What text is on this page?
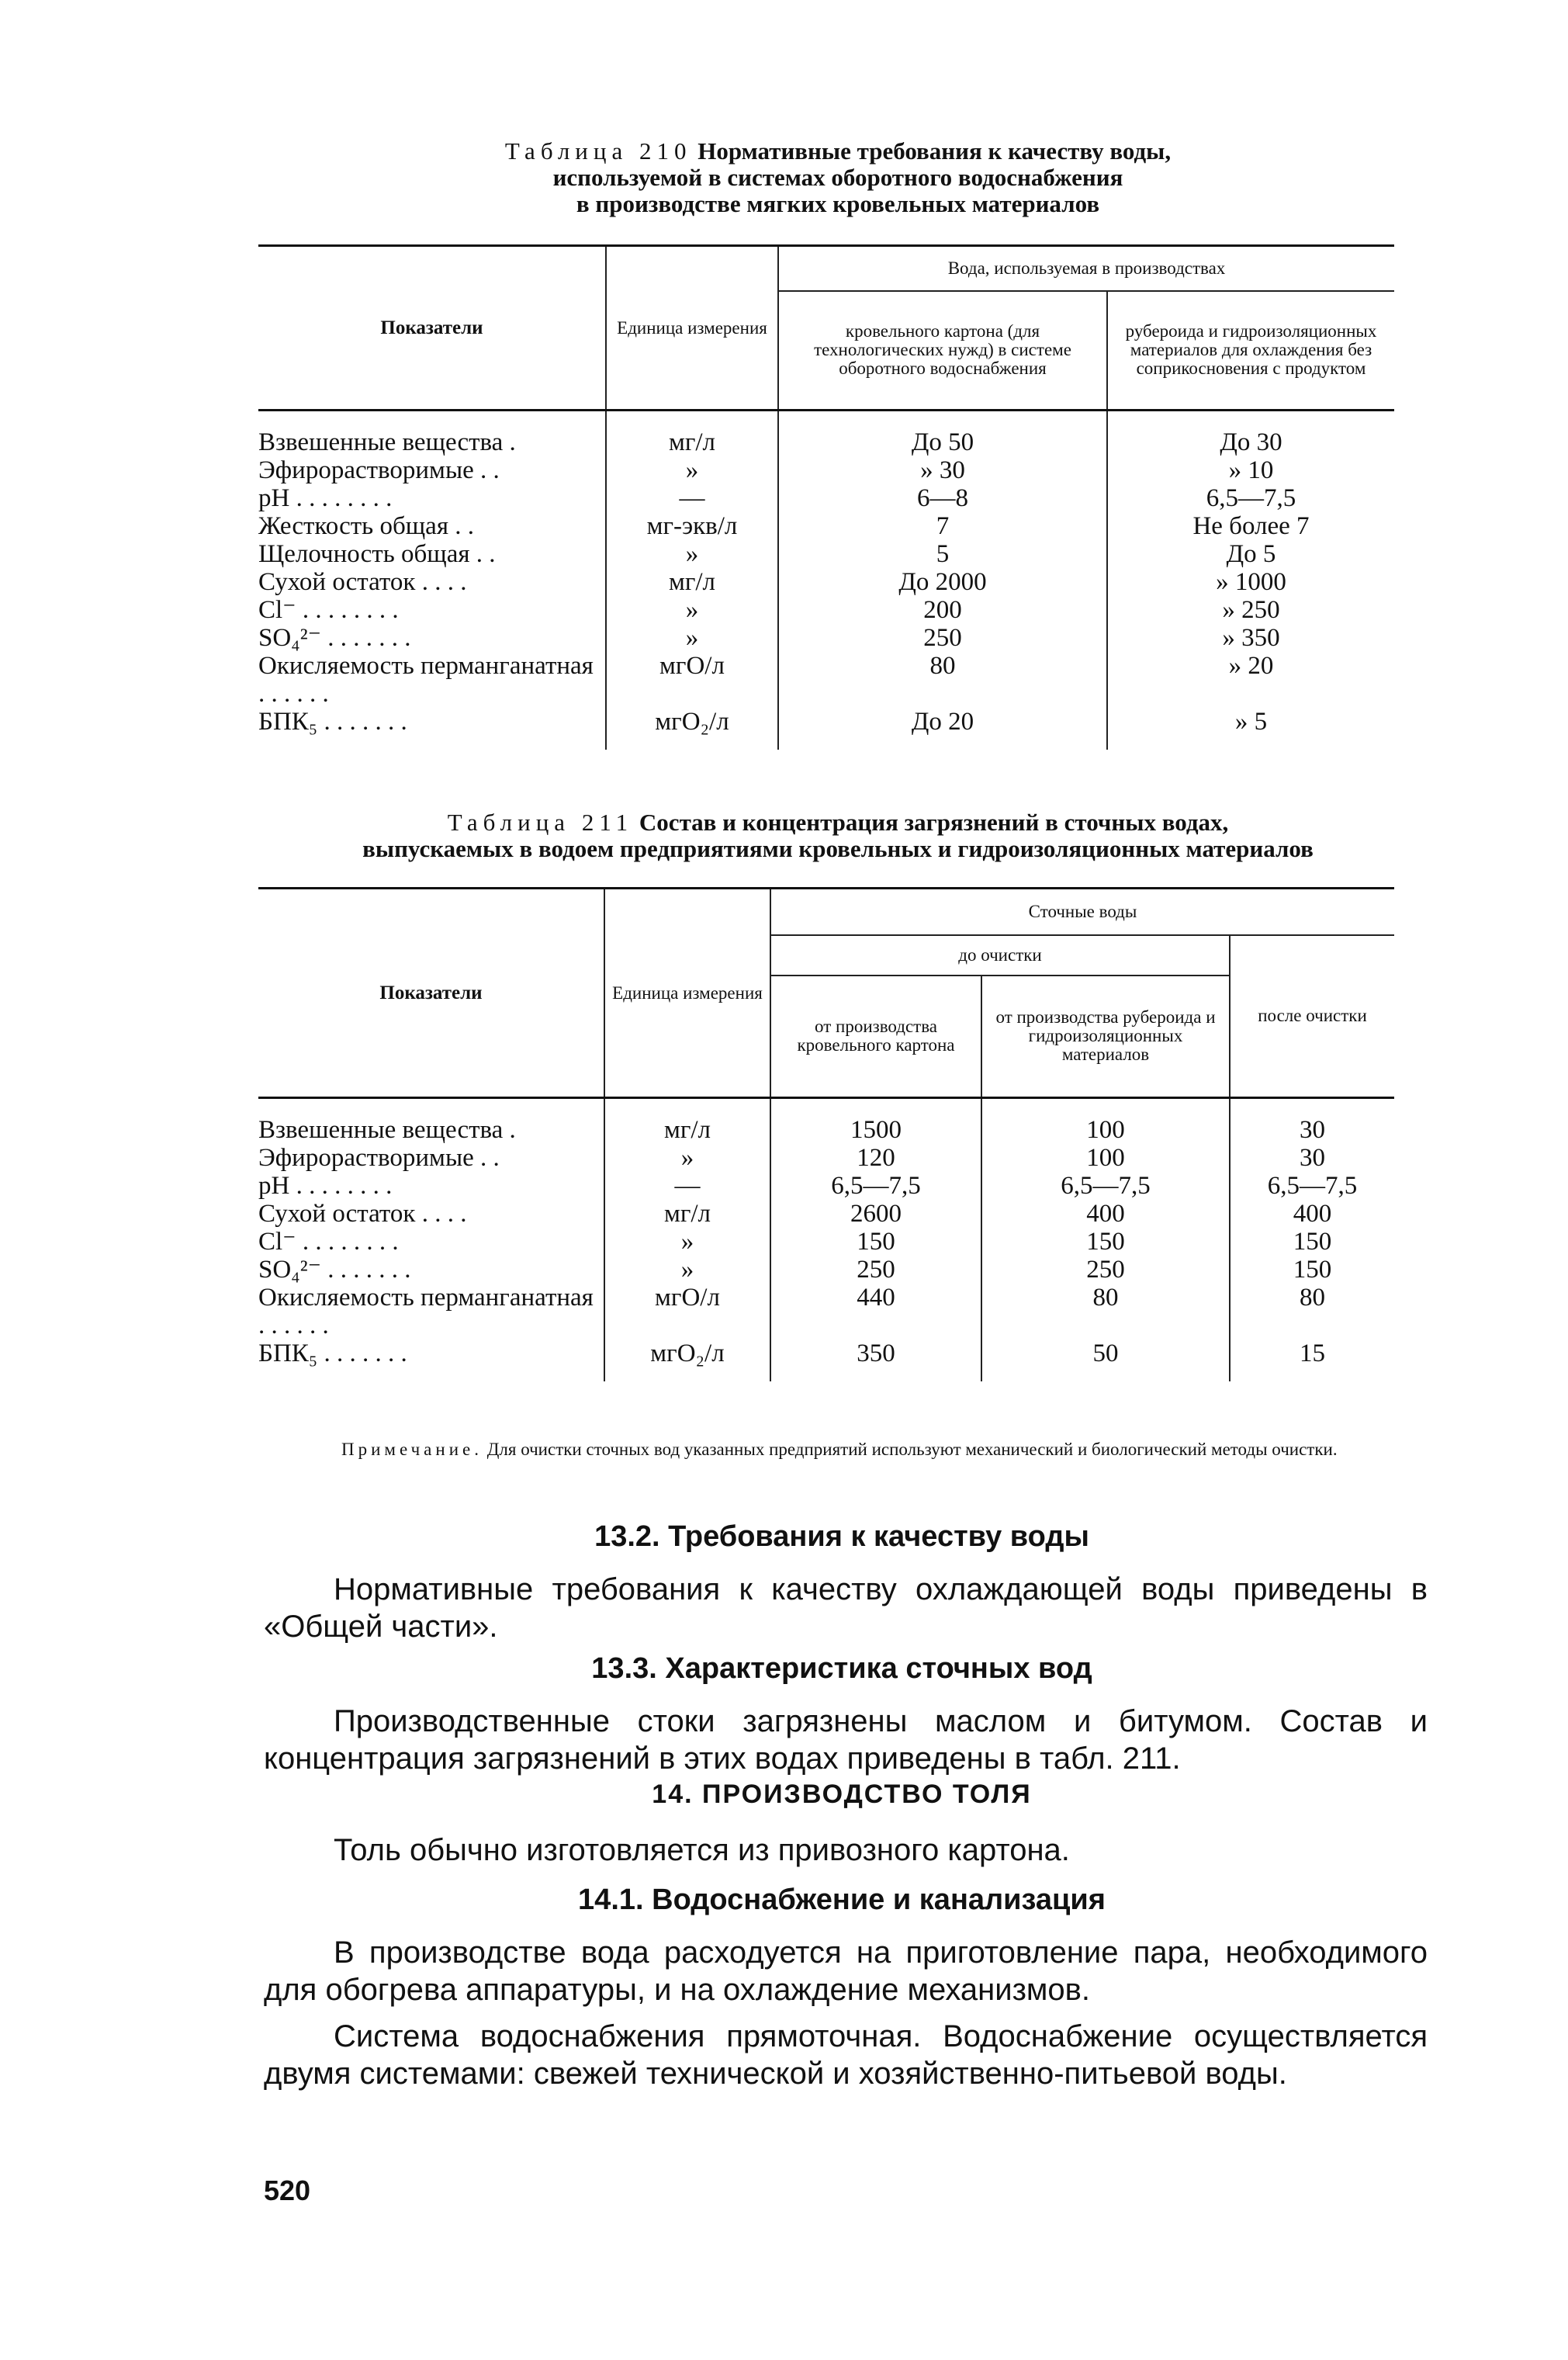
Таблица 210 Нормативные требования к качеству воды,
используемой в системах оборотного водоснабжения
в производстве мягких кровельных материалов
Показатели	Единица измерения	Вода, используемая в производствах	
		кровельного картона (для технологических нужд) в системе оборотного водоснабжения	рубероида и гидроизоляционных материалов для охлаждения без соприкосновения с продуктом
Взвешенные вещества .	мг/л	До 50	До 30
Эфирорастворимые . .	»	» 30	» 10
pH . . . . . . . .	—	6—8	6,5—7,5
Жесткость общая . .	мг-экв/л	7	Не более 7
Щелочность общая . .	»	5	До 5
Сухой остаток . . . .	мг/л	До 2000	» 1000
Cl⁻ . . . . . . . .	»	200	» 250
SO₄²⁻ . . . . . . .	»	250	» 350
Окисляемость перманганатная . . . . . .	мгО/л	80	» 20
БПК₅ . . . . . . .	мгО₂/л	До 20	» 5
Таблица 211 Состав и концентрация загрязнений в сточных водах,
выпускаемых в водоем предприятиями кровельных и гидроизоляционных материалов
Показатели	Единица измерения	Сточные воды		
		до очистки		после очистки
		от производства кровельного картона	от производства рубероида и гидроизоляционных материалов	
Взвешенные вещества .	мг/л	1500	100	30
Эфирорастворимые . .	»	120	100	30
pH . . . . . . . .	—	6,5—7,5	6,5—7,5	6,5—7,5
Сухой остаток . . . .	мг/л	2600	400	400
Cl⁻ . . . . . . . .	»	150	150	150
SO₄²⁻ . . . . . . .	»	250	250	150
Окисляемость перманганатная . . . . . .	мгО/л	440	80	80
БПК₅ . . . . . . .	мгО₂/л	350	50	15
Примечание. Для очистки сточных вод указанных предприятий используют механический и биологический методы очистки.
13.2. Требования к качеству воды
Нормативные требования к качеству охлаждающей воды приведены в «Общей части».
13.3. Характеристика сточных вод
Производственные стоки загрязнены маслом и битумом. Состав и концентрация загрязнений в этих водах приведены в табл. 211.
14. ПРОИЗВОДСТВО ТОЛЯ
Толь обычно изготовляется из привозного картона.
14.1. Водоснабжение и канализация
В производстве вода расходуется на приготовление пара, необходимого для обогрева аппаратуры, и на охлаждение механизмов.
Система водоснабжения прямоточная. Водоснабжение осуществляется двумя системами: свежей технической и хозяйственно-питьевой воды.
520
